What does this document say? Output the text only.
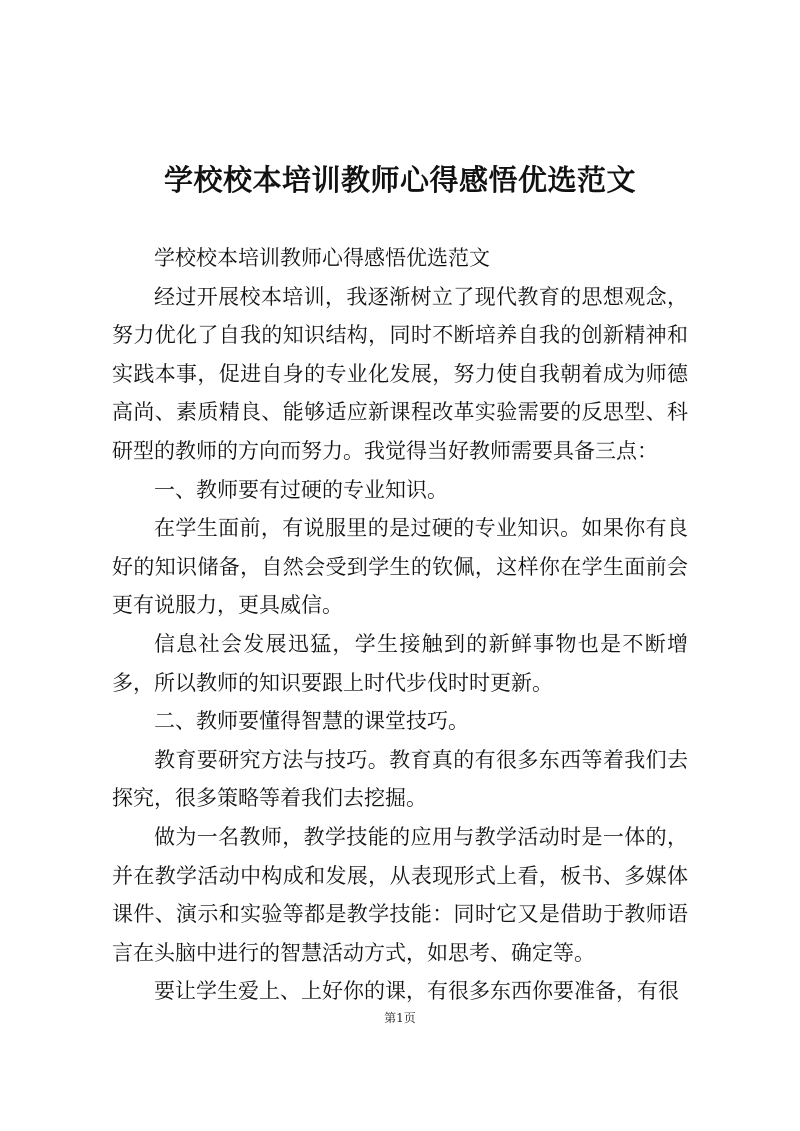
学校校本培训教师心得感悟优选范文

学校校本培训教师心得感悟优选范文

经过开展校本培训，我逐渐树立了现代教育的思想观念，努力优化了自我的知识结构，同时不断培养自我的创新精神和实践本事，促进自身的专业化发展，努力使自我朝着成为师德高尚、素质精良、能够适应新课程改革实验需要的反思型、科研型的教师的方向而努力。我觉得当好教师需要具备三点：

一、教师要有过硬的专业知识。

在学生面前，有说服里的是过硬的专业知识。如果你有良好的知识储备，自然会受到学生的钦佩，这样你在学生面前会更有说服力，更具威信。

信息社会发展迅猛，学生接触到的新鲜事物也是不断增多，所以教师的知识要跟上时代步伐时时更新。

二、教师要懂得智慧的课堂技巧。

教育要研究方法与技巧。教育真的有很多东西等着我们去探究，很多策略等着我们去挖掘。

做为一名教师，教学技能的应用与教学活动时是一体的，并在教学活动中构成和发展，从表现形式上看，板书、多媒体课件、演示和实验等都是教学技能：同时它又是借助于教师语言在头脑中进行的智慧活动方式，如思考、确定等。

要让学生爱上、上好你的课，有很多东西你要准备，有很

第1页
